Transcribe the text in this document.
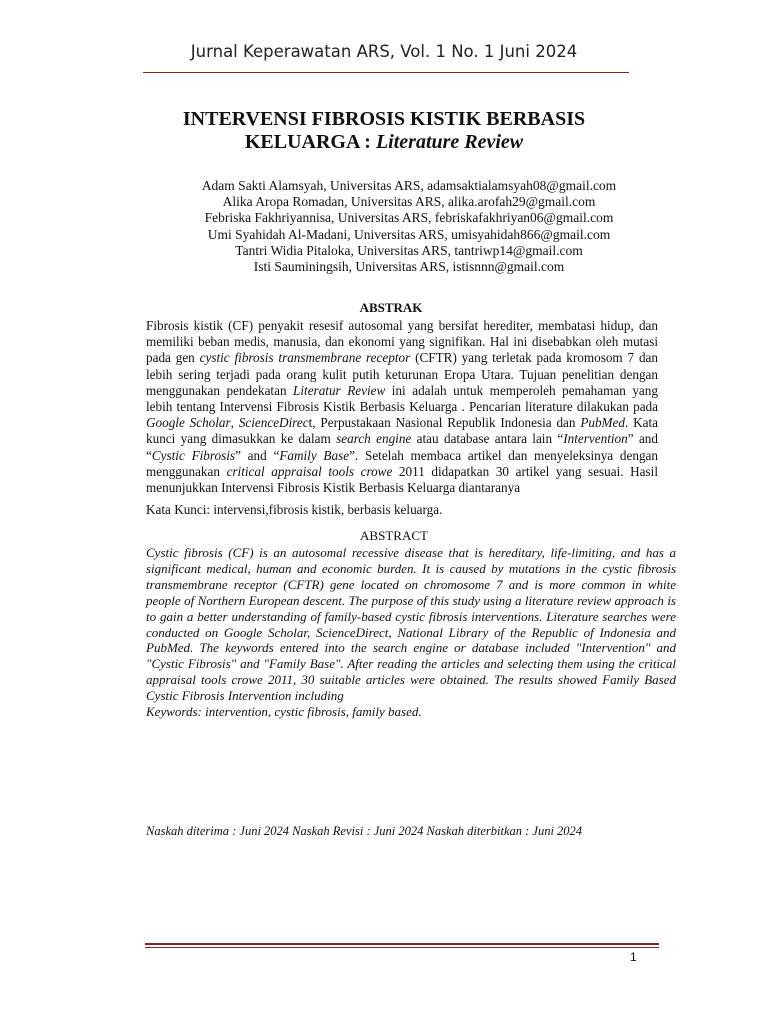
Jurnal Keperawatan ARS, Vol. 1 No. 1 Juni 2024
INTERVENSI FIBROSIS KISTIK BERBASIS
KELUARGA : Literature Review
Adam Sakti Alamsyah, Universitas ARS, adamsaktialamsyah08@gmail.com
Alika Aropa Romadan, Universitas ARS, alika.arofah29@gmail.com
Febriska Fakhriyannisa, Universitas ARS, febriskafakhriyan06@gmail.com
Umi Syahidah Al-Madani, Universitas ARS, umisyahidah866@gmail.com
Tantri Widia Pitaloka, Universitas ARS, tantriwp14@gmail.com
Isti Sauminingsih, Universitas ARS, istisnnn@gmail.com
ABSTRAK

Fibrosis kistik (CF) penyakit resesif autosomal yang bersifat herediter, membatasi hidup, dan memiliki beban medis, manusia, dan ekonomi yang signifikan. Hal ini disebabkan oleh mutasi pada gen cystic fibrosis transmembrane receptor (CFTR) yang terletak pada kromosom 7 dan lebih sering terjadi pada orang kulit putih keturunan Eropa Utara. Tujuan penelitian dengan menggunakan pendekatan Literatur Review ini adalah untuk memperoleh pemahaman yang lebih tentang Intervensi Fibrosis Kistik Berbasis Keluarga . Pencarian literature dilakukan pada Google Scholar, ScienceDirect, Perpustakaan Nasional Republik Indonesia dan PubMed. Kata kunci yang dimasukkan ke dalam search engine atau database antara lain “Intervention” and “Cystic Fibrosis” and “Family Base”. Setelah membaca artikel dan menyeleksinya dengan menggunakan critical appraisal tools crowe 2011 didapatkan 30 artikel yang sesuai. Hasil menunjukkan Intervensi Fibrosis Kistik Berbasis Keluarga diantaranya

Kata Kunci: intervensi,fibrosis kistik, berbasis keluarga.
ABSTRACT

Cystic fibrosis (CF) is an autosomal recessive disease that is hereditary, life-limiting, and has a significant medical, human and economic burden. It is caused by mutations in the cystic fibrosis transmembrane receptor (CFTR) gene located on chromosome 7 and is more common in white people of Northern European descent. The purpose of this study using a literature review approach is to gain a better understanding of family-based cystic fibrosis interventions. Literature searches were conducted on Google Scholar, ScienceDirect, National Library of the Republic of Indonesia and PubMed. The keywords entered into the search engine or database included "Intervention" and "Cystic Fibrosis" and "Family Base". After reading the articles and selecting them using the critical appraisal tools crowe 2011, 30 suitable articles were obtained. The results showed Family Based Cystic Fibrosis Intervention including

Keywords: intervention, cystic fibrosis, family based.

Naskah diterima : Juni 2024 Naskah Revisi : Juni 2024 Naskah diterbitkan : Juni 2024
1
